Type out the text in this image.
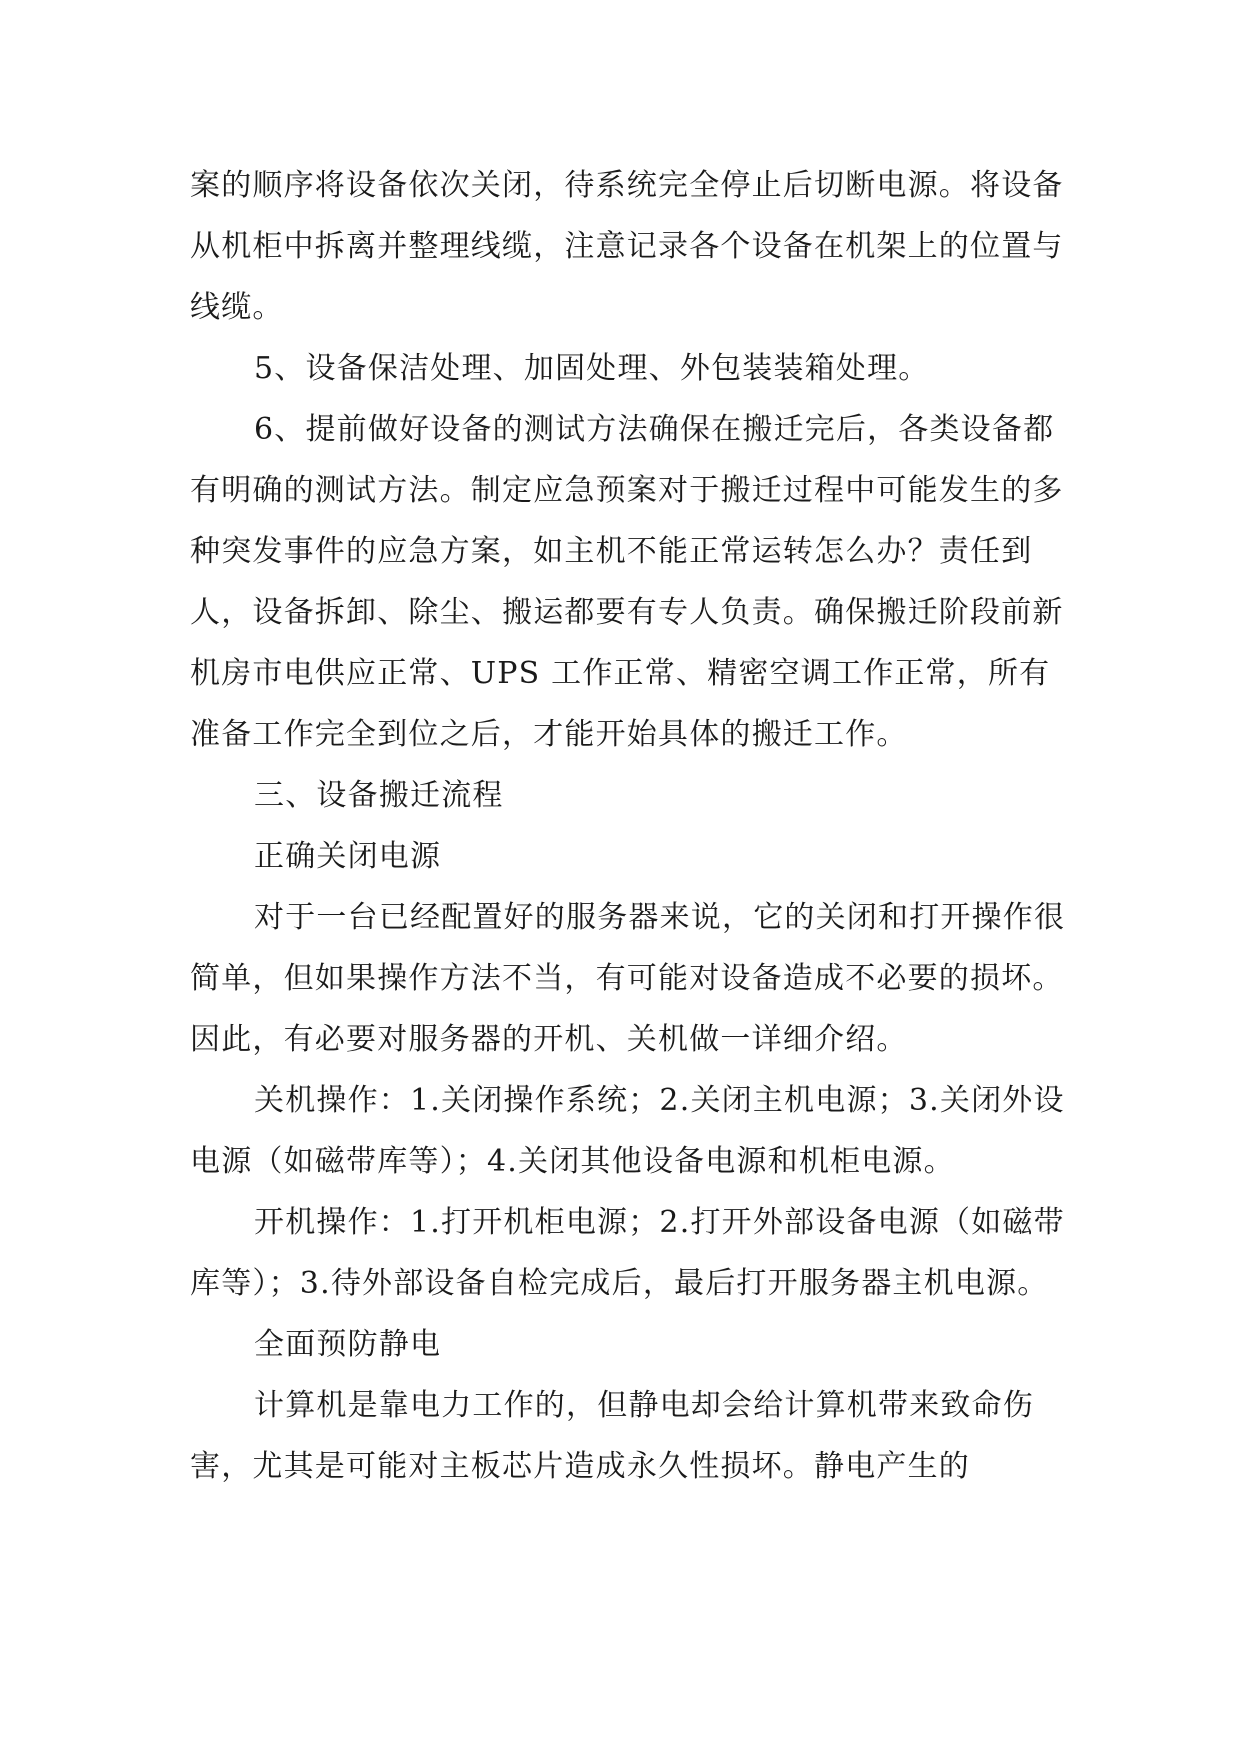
案的顺序将设备依次关闭，待系统完全停止后切断电源。将设备从机柜中拆离并整理线缆，注意记录各个设备在机架上的位置与线缆。

5、设备保洁处理、加固处理、外包装装箱处理。

6、提前做好设备的测试方法确保在搬迁完后，各类设备都有明确的测试方法。制定应急预案对于搬迁过程中可能发生的多种突发事件的应急方案，如主机不能正常运转怎么办？责任到人，设备拆卸、除尘、搬运都要有专人负责。确保搬迁阶段前新机房市电供应正常、UPS 工作正常、精密空调工作正常，所有准备工作完全到位之后，才能开始具体的搬迁工作。

三、设备搬迁流程

正确关闭电源

对于一台已经配置好的服务器来说，它的关闭和打开操作很简单，但如果操作方法不当，有可能对设备造成不必要的损坏。因此，有必要对服务器的开机、关机做一详细介绍。

关机操作：1.关闭操作系统；2.关闭主机电源；3.关闭外设电源（如磁带库等）；4.关闭其他设备电源和机柜电源。

开机操作：1.打开机柜电源；2.打开外部设备电源（如磁带库等）；3.待外部设备自检完成后，最后打开服务器主机电源。

全面预防静电

计算机是靠电力工作的，但静电却会给计算机带来致命伤害，尤其是可能对主板芯片造成永久性损坏。静电产生的
